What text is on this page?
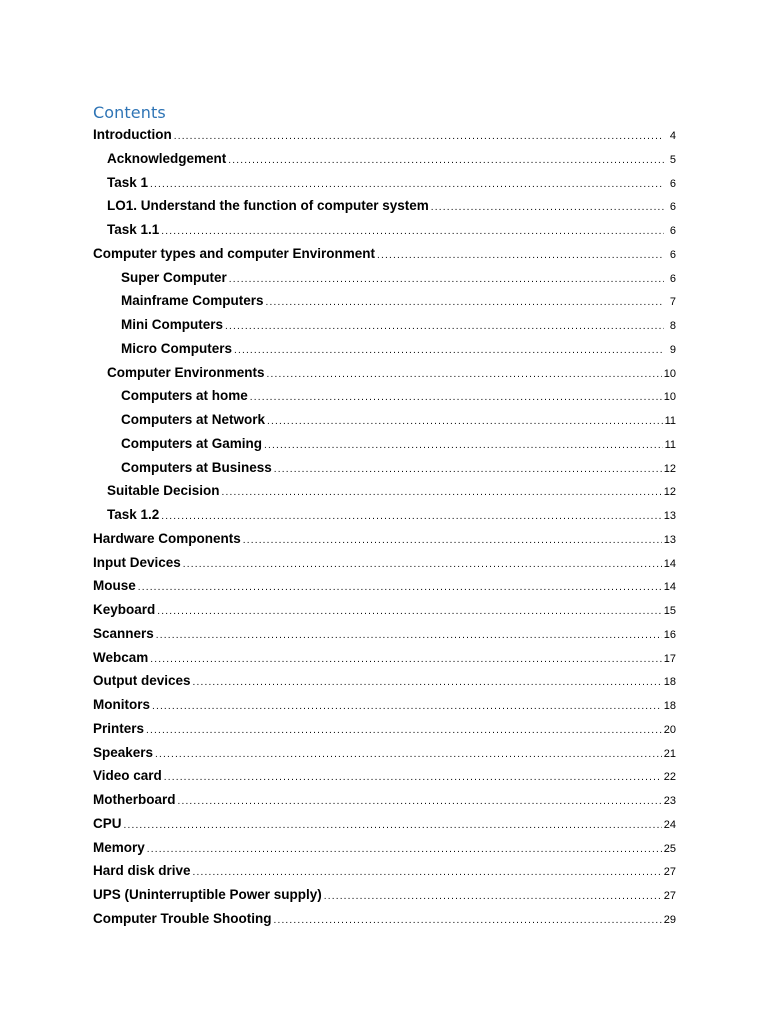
Contents
Introduction .....	4
Acknowledgement .....	5
Task 1 .....	6
LO1. Understand the function of computer system .....	6
Task 1.1 .....	6
Computer types and computer Environment .....	6
Super Computer .....	6
Mainframe Computers .....	7
Mini Computers .....	8
Micro Computers .....	9
Computer Environments .....	10
Computers at home .....	10
Computers at Network .....	11
Computers at Gaming .....	11
Computers at Business .....	12
Suitable Decision .....	12
Task 1.2 .....	13
Hardware Components .....	13
Input Devices .....	14
Mouse .....	14
Keyboard .....	15
Scanners .....	16
Webcam .....	17
Output devices .....	18
Monitors .....	18
Printers .....	20
Speakers .....	21
Video card .....	22
Motherboard .....	23
CPU .....	24
Memory .....	25
Hard disk drive .....	27
UPS (Uninterruptible Power supply) .....	27
Computer Trouble Shooting .....	29
